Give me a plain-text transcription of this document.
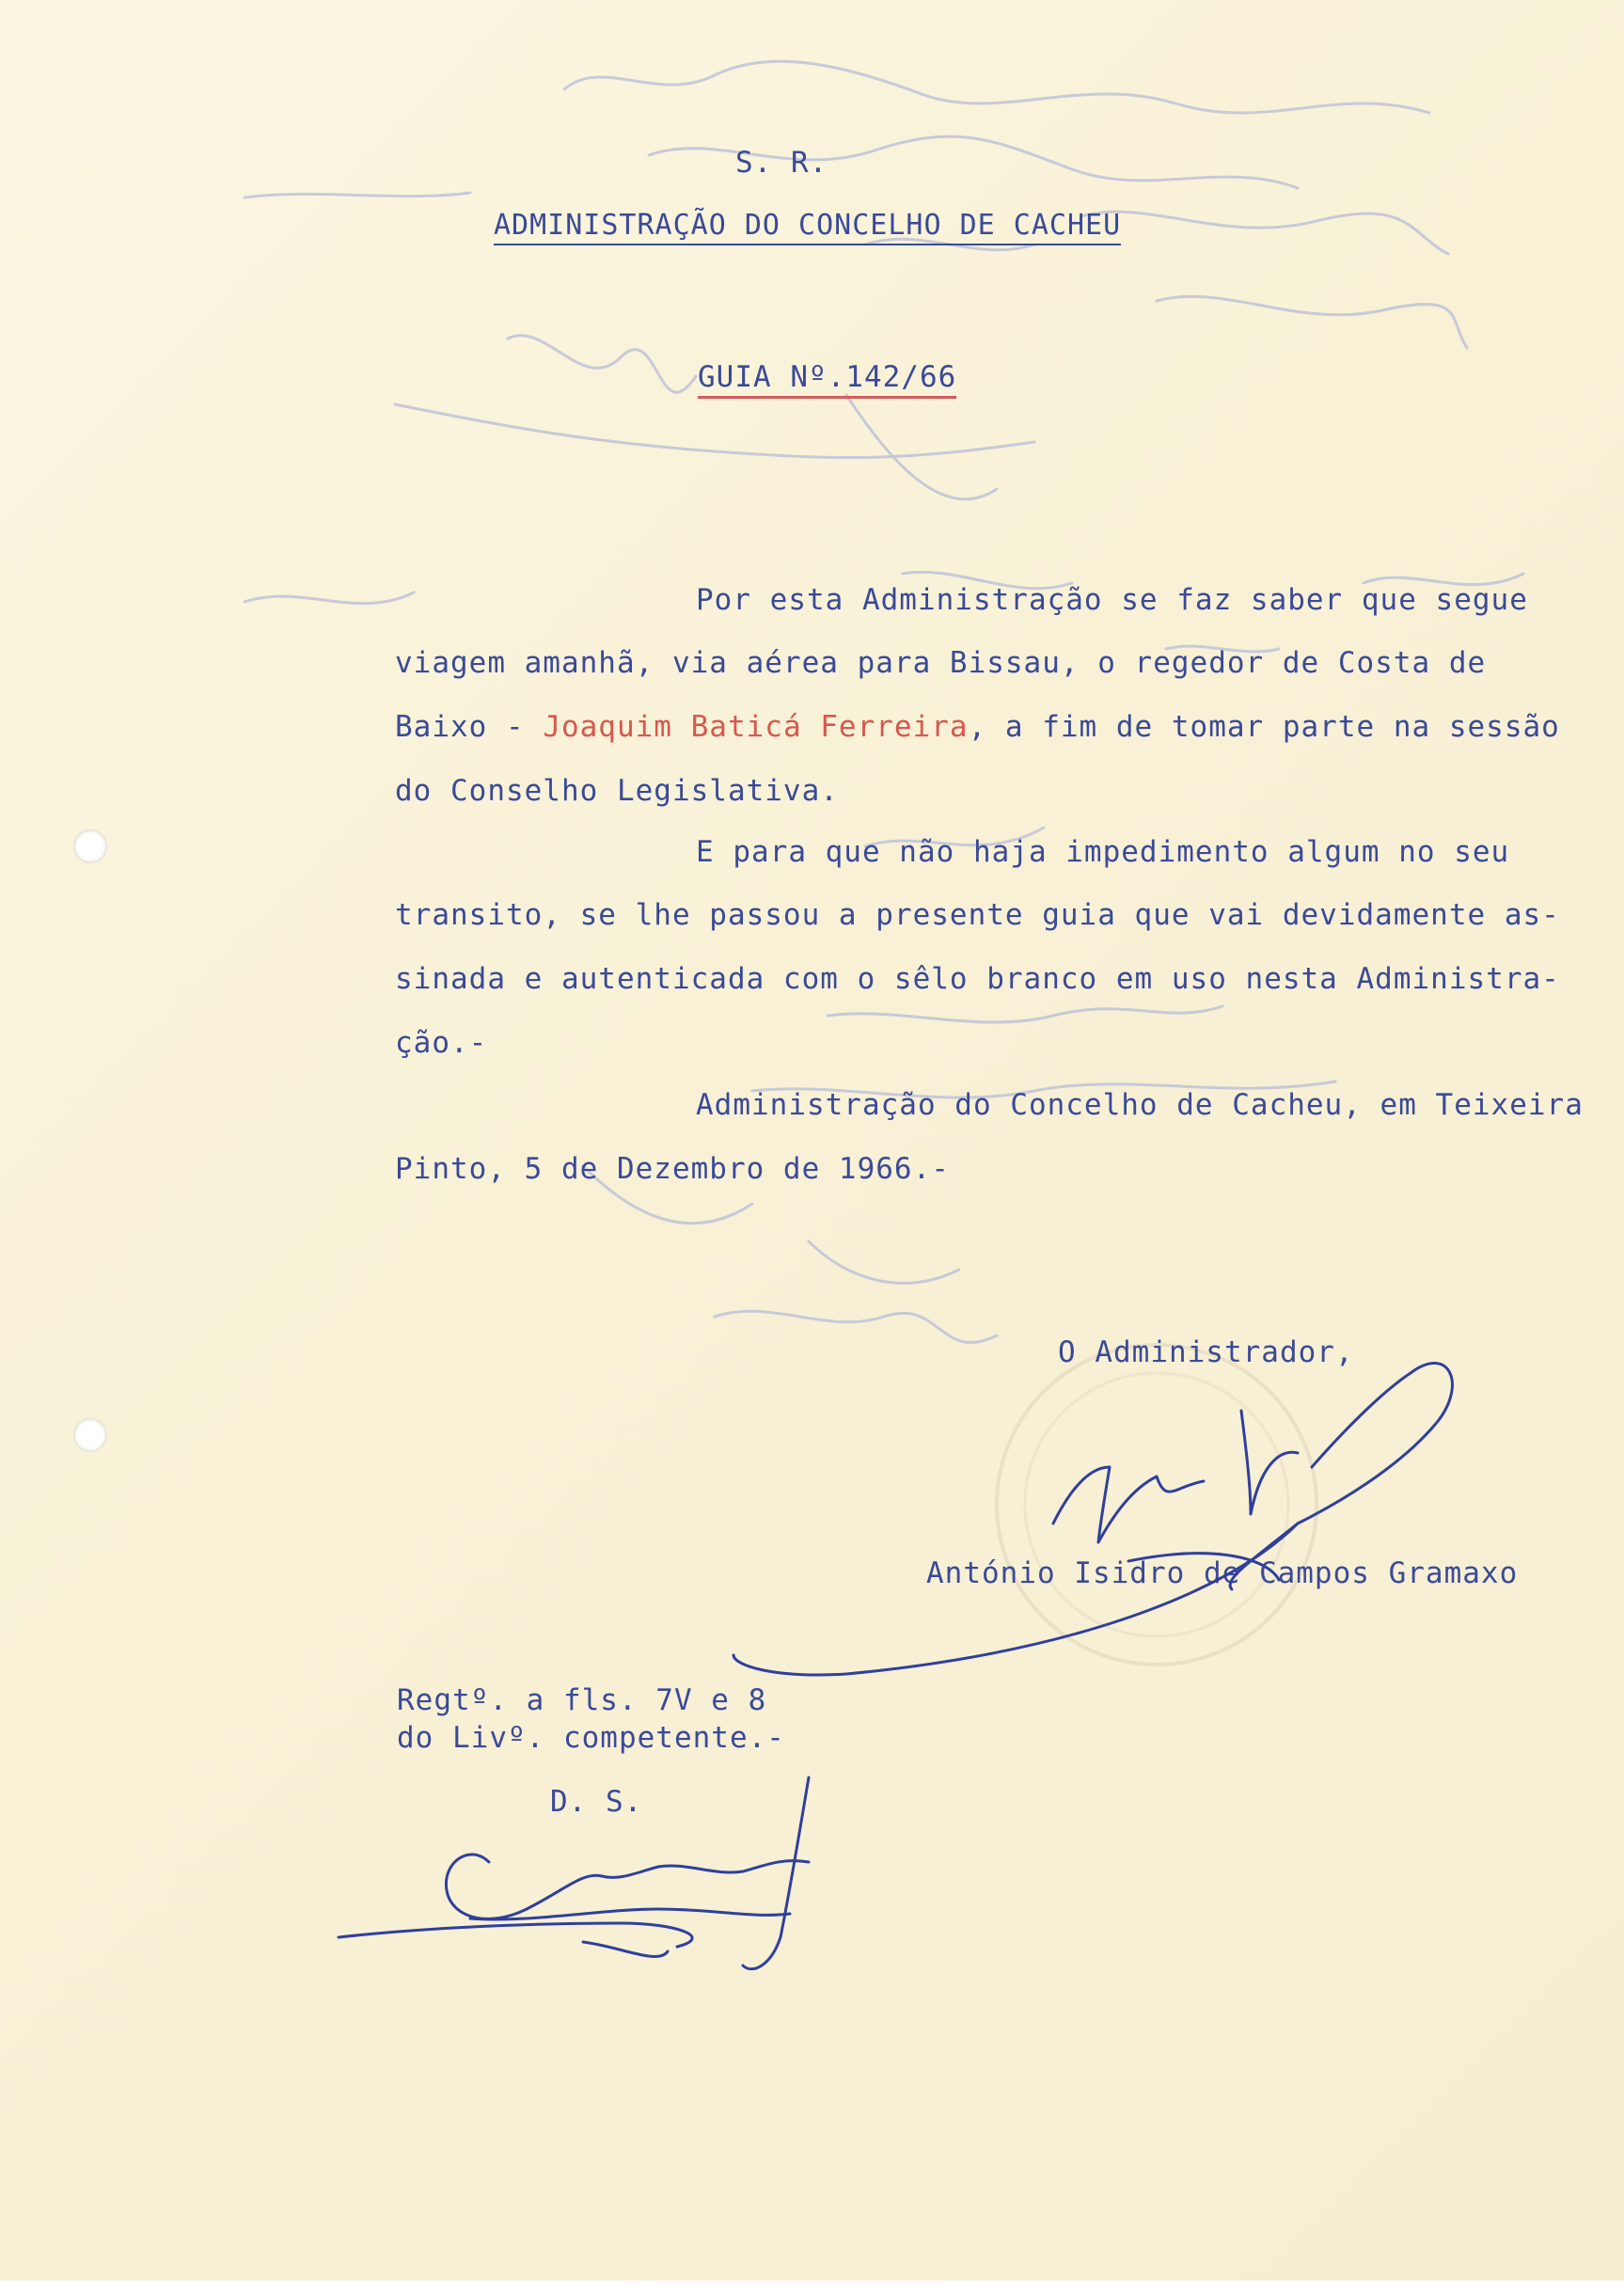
S. R.
ADMINISTRAÇÃO DO CONCELHO DE CACHEU
GUIA Nº.142/66
Por esta Administração se faz saber que segue
viagem amanhã, via aérea para Bissau, o regedor de Costa de
Baixo - Joaquim Baticá Ferreira, a fim de tomar parte na sessão
do Conselho Legislativa.
E para que não haja impedimento algum no seu
transito, se lhe passou a presente guia que vai devidamente as-
sinada e autenticada com o sêlo branco em uso nesta Administra-
ção.-
Administração do Concelho de Cacheu, em Teixeira
Pinto, 5 de Dezembro de 1966.-
O Administrador,
António Isidro de Campos Gramaxo
Regtº. a fls. 7V e 8
do Livº. competente.-
D. S.
